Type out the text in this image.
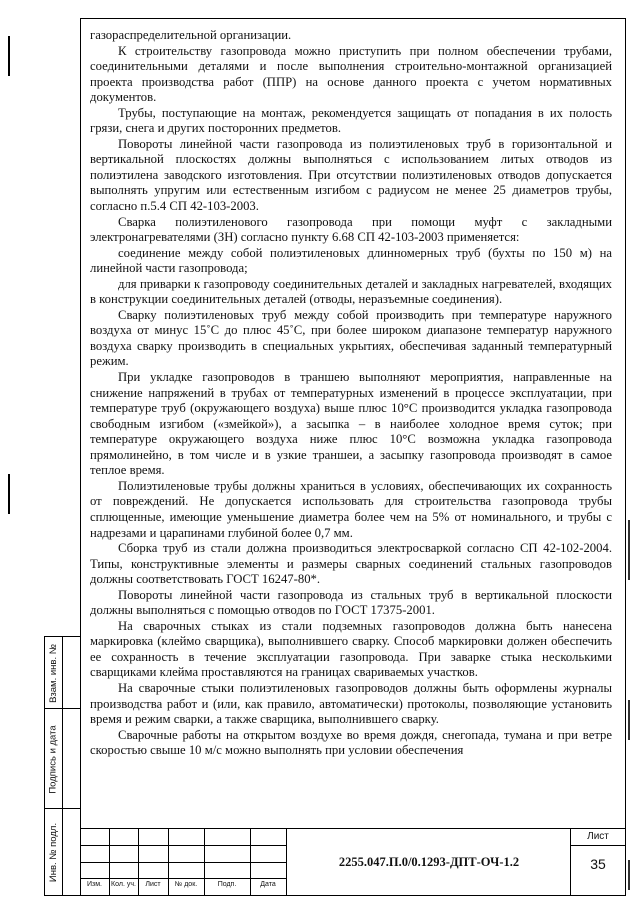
газораспределительной организации.

К строительству газопровода можно приступить при полном обеспечении трубами, соединительными деталями и после выполнения строительно-монтажной организацией проекта производства работ (ППР) на основе данного проекта с учетом нормативных документов.

Трубы, поступающие на монтаж, рекомендуется защищать от попадания в их полость грязи, снега и других посторонних предметов.

Повороты линейной части газопровода из полиэтиленовых труб в горизонтальной и вертикальной плоскостях должны выполняться с использованием литых отводов из полиэтилена заводского изготовления. При отсутствии полиэтиленовых отводов допускается выполнять упругим или естественным изгибом с радиусом не менее 25 диаметров трубы, согласно п.5.4 СП 42-103-2003.

Сварка полиэтиленового газопровода при помощи муфт с закладными электронагревателями (ЗН) согласно пункту 6.68 СП 42-103-2003 применяется:

соединение между собой полиэтиленовых длинномерных труб (бухты по 150 м) на линейной части газопровода;

для приварки к газопроводу соединительных деталей и закладных нагревателей, входящих в конструкции соединительных деталей (отводы, неразъемные соединения).

Сварку полиэтиленовых труб между собой производить при температуре наружного воздуха от минус 15˚С до плюс 45˚С, при более широком диапазоне температур наружного воздуха сварку производить в специальных укрытиях, обеспечивая заданный температурный режим.

При укладке газопроводов в траншею выполняют мероприятия, направленные на снижение напряжений в трубах от температурных изменений в процессе эксплуатации, при температуре труб (окружающего воздуха) выше плюс 10°С производится укладка газопровода свободным изгибом («змейкой»), а засыпка – в наиболее холодное время суток; при температуре окружающего воздуха ниже плюс 10°С возможна укладка газопровода прямолинейно, в том числе и в узкие траншеи, а засыпку газопровода производят в самое теплое время.

Полиэтиленовые трубы должны храниться в условиях, обеспечивающих их сохранность от повреждений. Не допускается использовать для строительства газопровода трубы сплющенные, имеющие уменьшение диаметра более чем на 5% от номинального, и трубы с надрезами и царапинами глубиной более 0,7 мм.

Сборка труб из стали должна производиться электросваркой согласно СП 42-102-2004. Типы, конструктивные элементы и размеры сварных соединений стальных газопроводов должны соответствовать ГОСТ 16247-80*.

Повороты линейной части газопровода из стальных труб в вертикальной плоскости должны выполняться с помощью отводов по ГОСТ 17375-2001.

На сварочных стыках из стали подземных газопроводов должна быть нанесена маркировка (клеймо сварщика), выполнившего сварку. Способ маркировки должен обеспечить ее сохранность в течение эксплуатации газопровода. При заварке стыка несколькими сварщиками клейма проставляются на границах свариваемых участков.

На сварочные стыки полиэтиленовых газопроводов должны быть оформлены журналы производства работ и (или, как правило, автоматически) протоколы, позволяющие установить время и режим сварки, а также сварщика, выполнившего сварку.

Сварочные работы на открытом воздухе во время дождя, снегопада, тумана и при ветре скоростью свыше 10 м/с можно выполнять при условии обеспечения

Взам. инв. №
Подпись и дата
Инв. № подл.
Изм.	Кол. уч.	Лист	№ док.	Подп.	Дата
2255.047.П.0/0.1293-ДПТ-ОЧ-1.2
Лист
35
